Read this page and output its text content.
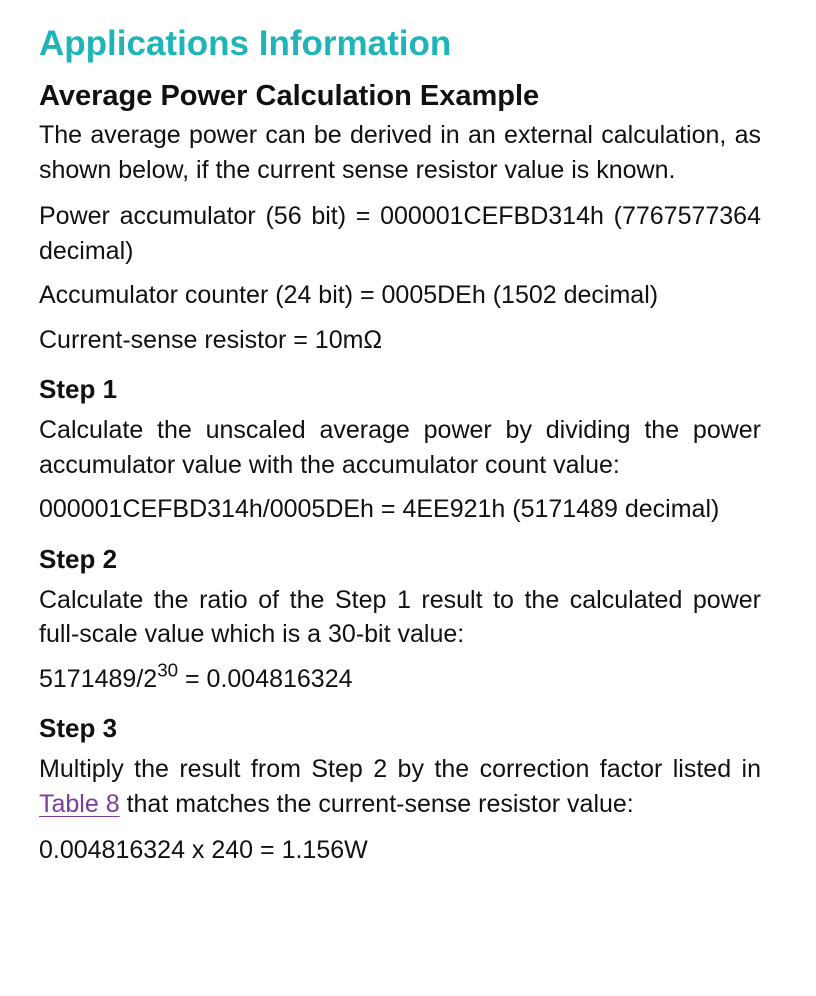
Applications Information
Average Power Calculation Example

The average power can be derived in an external calculation, as shown below, if the current sense resistor value is known.

Power accumulator (56 bit) = 000001CEFBD314h (7767577364 decimal)

Accumulator counter (24 bit) = 0005DEh (1502 decimal)

Current-sense resistor = 10mΩ

Step 1

Calculate the unscaled average power by dividing the power accumulator value with the accumulator count value:

000001CEFBD314h/0005DEh = 4EE921h (5171489 decimal)

Step 2

Calculate the ratio of the Step 1 result to the calculated power full-scale value which is a 30-bit value:

$5171489/2^{30} = 0.004816324$

Step 3

Multiply the result from Step 2 by the correction factor listed in Table 8 that matches the current-sense resistor value:

0.004816324 x 240 = 1.156W
